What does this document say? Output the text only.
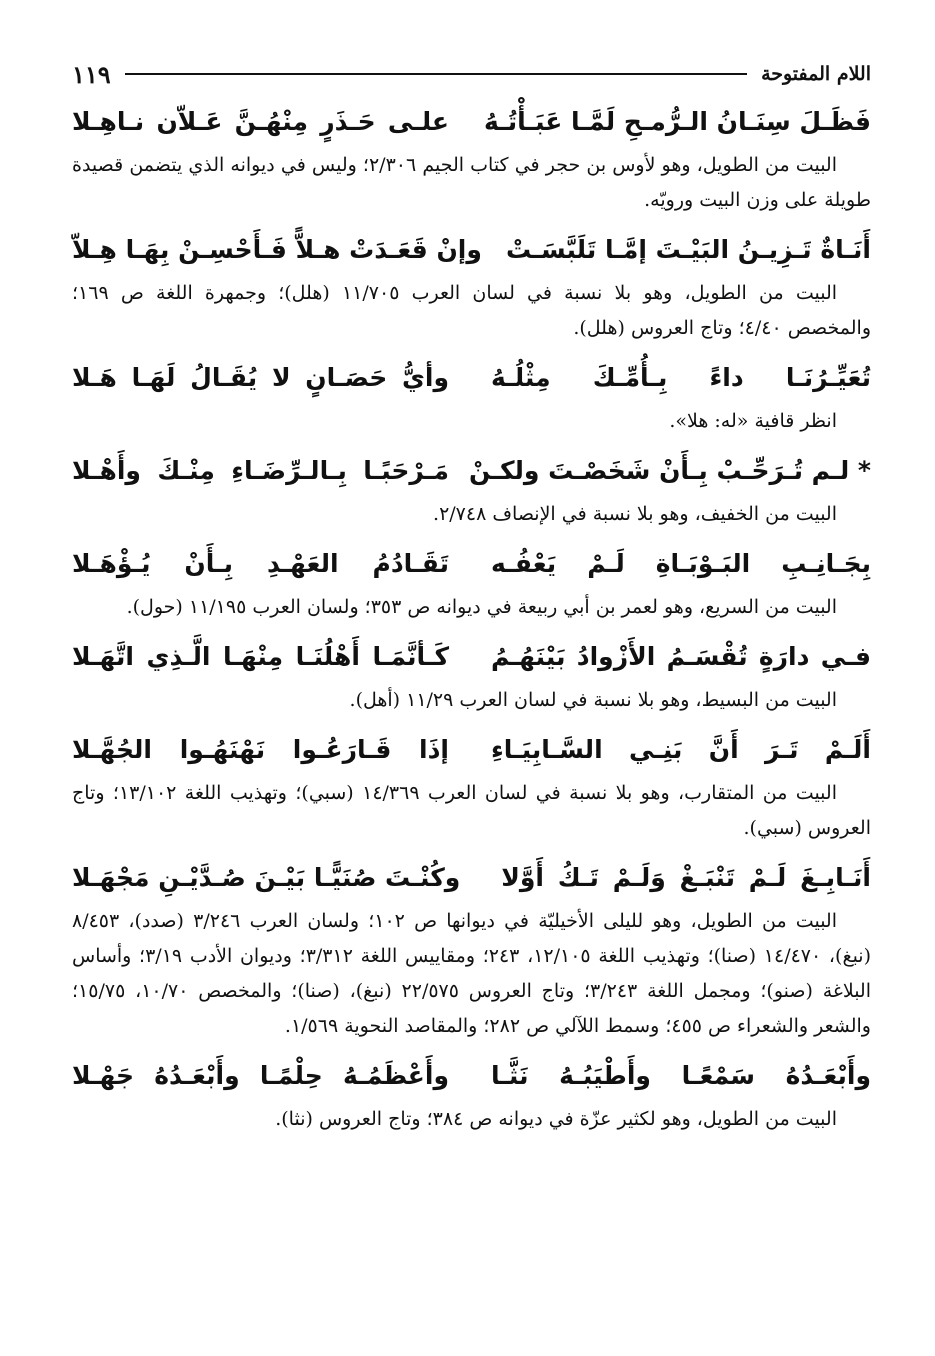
اللام المفتوحة
١١٩
فَظَـلَ سِنَـانُ الـرُّمـحِ لَمَّـا عَبَـأْتُـهُ
علـى حَـذَرٍ مِنْهُـنَّ عَـلاّن نـاهِـلا

البيت من الطويل، وهو لأوس بن حجر في كتاب الجيم ٢/٣٠٦؛ وليس في ديوانه الذي يتضمن قصيدة طويلة على وزن البيت ورويّه.

أَنَـاةٌ تَـزِيـنُ البَيْـتَ إمَّـا تَلَبَّسَـتْ
وإنْ قَعَـدَتْ هـلاًّ فَـأَحْسِـنْ بِهَـا هِـلاّ

البيت من الطويل، وهو بلا نسبة في لسان العرب ١١/٧٠٥ (هلل)؛ وجمهرة اللغة ص ١٦٩؛ والمخصص ٤/٤٠؛ وتاج العروس (هلل).

تُعَيِّـرُنَـا داءً بِـأُمِّـكَ مِثْلُـهُ
وأيُّ حَصَـانٍ لا يُقَـالُ لَهَـا هَـلا

انظر قافية «له: هلا».

* لـم تُـرَحِّـبْ بِـأَنْ شَخَصْـتَ ولكـنْ
مَـرْحَبًـا بِـالـرِّضَـاءِ مِنْـكَ وأَهْـلا

البيت من الخفيف، وهو بلا نسبة في الإنصاف ٢/٧٤٨.

بِجَـانِـبِ البَـوْبَـاةِ لَـمْ يَعْفُـه
تَقَـادُمُ العَهْـدِ بِـأَنْ يُـؤْهَـلا

البيت من السريع، وهو لعمر بن أبي ربيعة في ديوانه ص ٣٥٣؛ ولسان العرب ١١/١٩٥ (حول).

فـي دارَةٍ تُقْسَـمُ الأَزْوادُ بَيْنَهُـمُ
كَـأنَّمَـا أَهْلُنَـا مِنْهَـا الَّـذِي اتَّهَـلا

البيت من البسيط، وهو بلا نسبة في لسان العرب ١١/٢٩ (أهل).

أَلَـمْ تَـرَ أَنَّ بَنِـي السَّـابِيَـاءِ
إذَا قَـارَعُـوا نَهْنَهُـوا الجُهَّـلا

البيت من المتقارب، وهو بلا نسبة في لسان العرب ١٤/٣٦٩ (سبي)؛ وتهذيب اللغة ١٣/١٠٢؛ وتاج العروس (سبي).

أَنَـابِـغَ لَـمْ تَنْبَـغْ وَلَـمْ تَـكُ أَوَّلا
وكُنْـتَ صُنَيًّـا بَيْـنَ صُـدَّيْـنِ مَجْهَـلا

البيت من الطويل، وهو لليلى الأخيليّة في ديوانها ص ١٠٢؛ ولسان العرب ٣/٢٤٦ (صدد)، ٨/٤٥٣ (نبغ)، ١٤/٤٧٠ (صنا)؛ وتهذيب اللغة ١٢/١٠٥، ٢٤٣؛ ومقاييس اللغة ٣/٣١٢؛ وديوان الأدب ٣/١٩؛ وأساس البلاغة (صنو)؛ ومجمل اللغة ٣/٢٤٣؛ وتاج العروس ٢٢/٥٧٥ (نبغ)، (صنا)؛ والمخصص ١٠/٧٠، ١٥/٧٥؛ والشعر والشعراء ص ٤٥٥؛ وسمط اللآلي ص ٢٨٢؛ والمقاصد النحوية ١/٥٦٩.

وأَبْعَـدُهُ سَمْعًـا وأَطْيَبُـهُ نَثَّـا
وأَعْظَمُـهُ حِلْمًـا وأَبْعَـدُهُ جَهْـلا

البيت من الطويل، وهو لكثير عزّة في ديوانه ص ٣٨٤؛ وتاج العروس (نثا).
